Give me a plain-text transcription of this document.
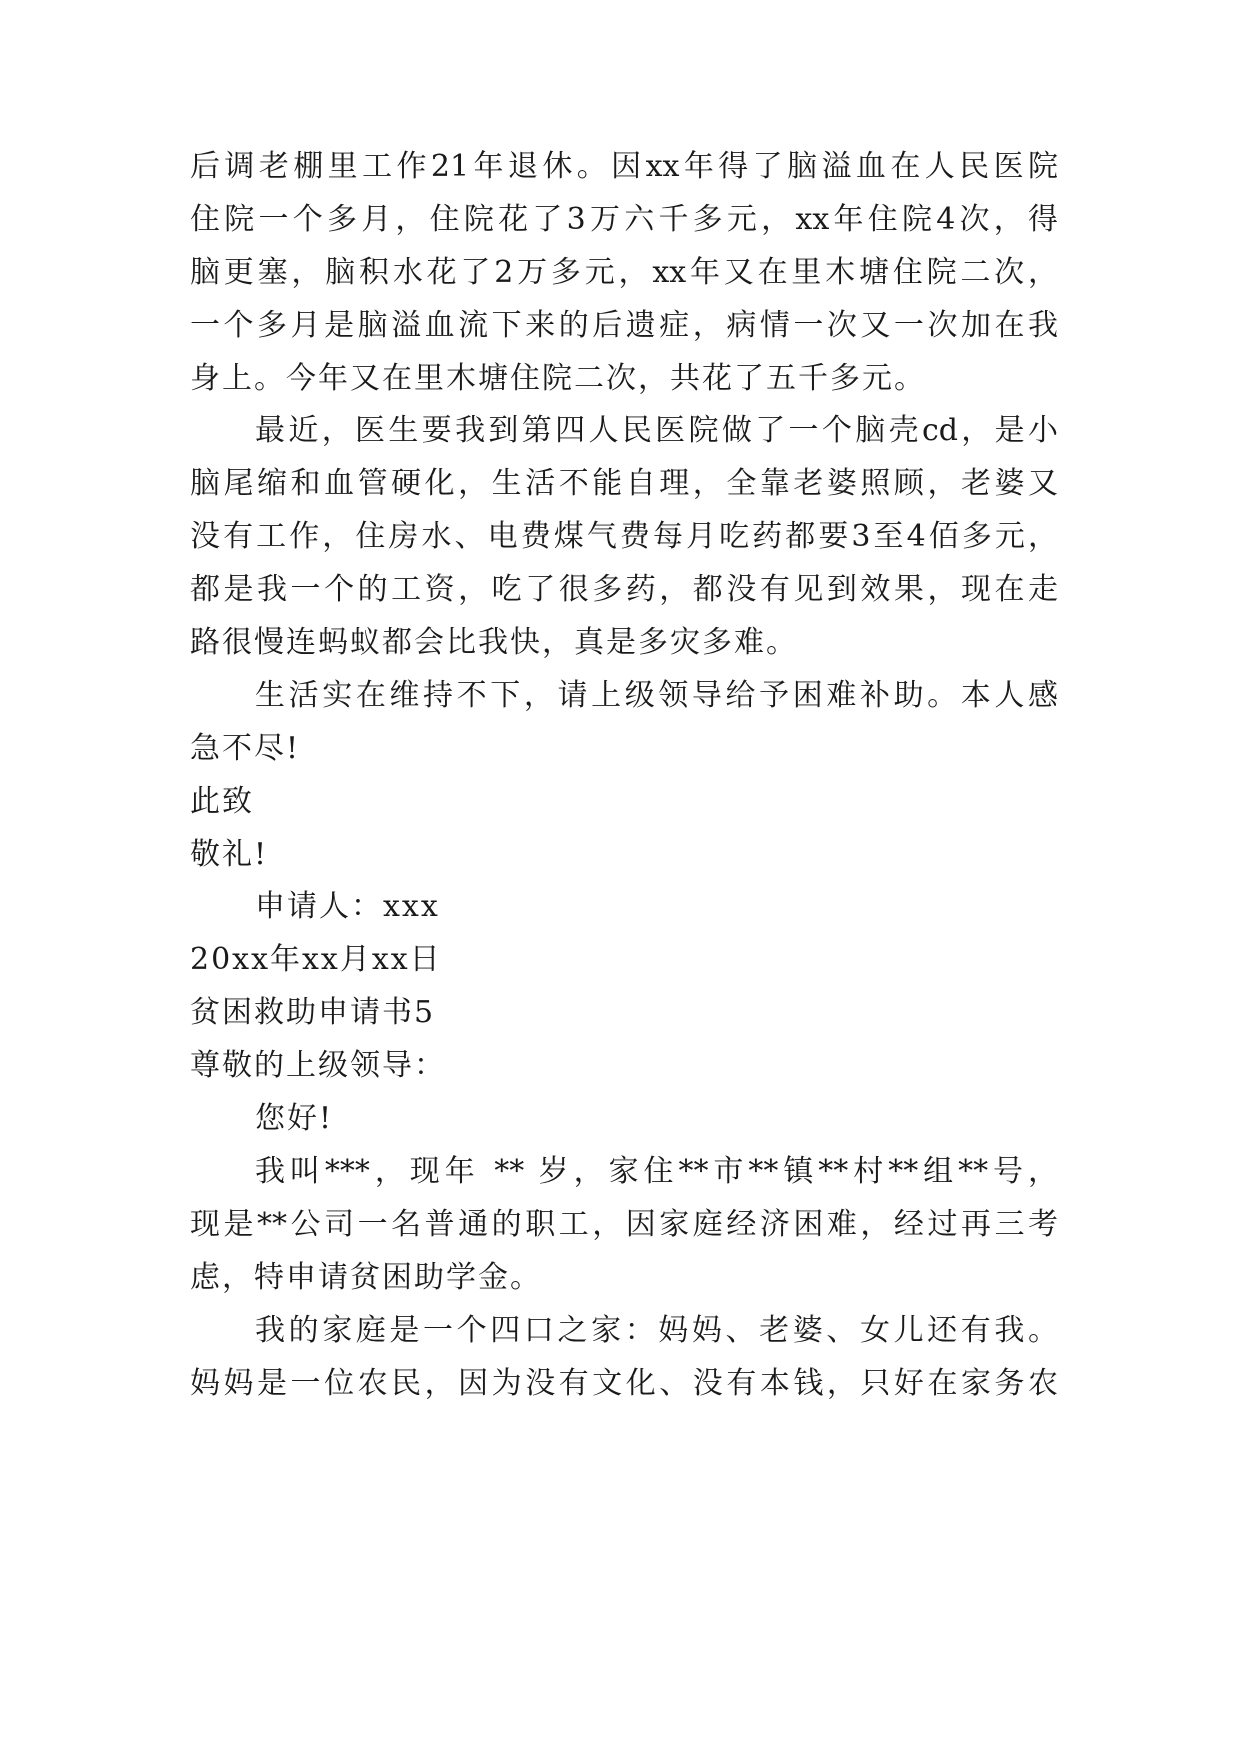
后调老棚里工作21年退休。因xx年得了脑溢血在人民医院
住院一个多月，住院花了3万六千多元，xx年住院4次，得
脑更塞，脑积水花了2万多元，xx年又在里木塘住院二次，
一个多月是脑溢血流下来的后遗症，病情一次又一次加在我
身上。今年又在里木塘住院二次，共花了五千多元。
最近，医生要我到第四人民医院做了一个脑壳cd，是小
脑尾缩和血管硬化，生活不能自理，全靠老婆照顾，老婆又
没有工作，住房水、电费煤气费每月吃药都要3至4佰多元，
都是我一个的工资，吃了很多药，都没有见到效果，现在走
路很慢连蚂蚁都会比我快，真是多灾多难。
生活实在维持不下，请上级领导给予困难补助。本人感
急不尽!
此致
敬礼!
申请人：xxx
20xx年xx月xx日
贫困救助申请书5
尊敬的上级领导：
您好!
我叫***，现年 ** 岁，家住**市**镇**村**组**号，
现是**公司一名普通的职工，因家庭经济困难，经过再三考
虑，特申请贫困助学金。
我的家庭是一个四口之家：妈妈、老婆、女儿还有我。
妈妈是一位农民，因为没有文化、没有本钱，只好在家务农
